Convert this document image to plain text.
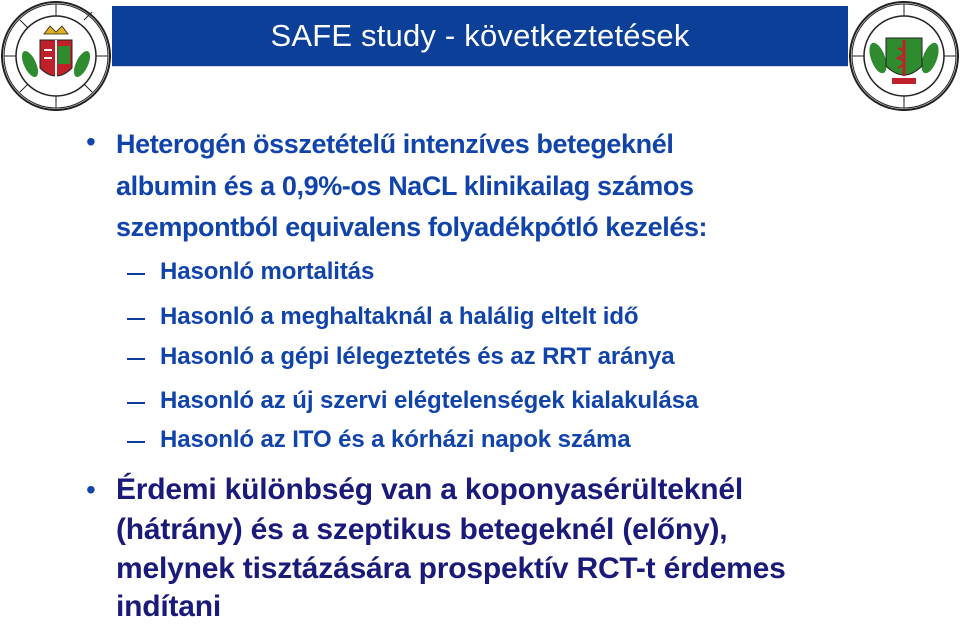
SAFE study - következtetések
• Heterogén összetételű intenzíves betegeknél
albumin és a 0,9%-os NaCL klinikailag számos
szempontból equivalens folyadékpótló kezelés:
Hasonló mortalitás
Hasonló a meghaltaknál a halálig eltelt idő
Hasonló a gépi lélegeztetés és az RRT aránya
Hasonló az új szervi elégtelenségek kialakulása
Hasonló az ITO és a kórházi napok száma
• Érdemi különbség van a koponyasérülteknél
(hátrány) és a szeptikus betegeknél (előny),
melynek tisztázására prospektív RCT-t érdemes
indítani
